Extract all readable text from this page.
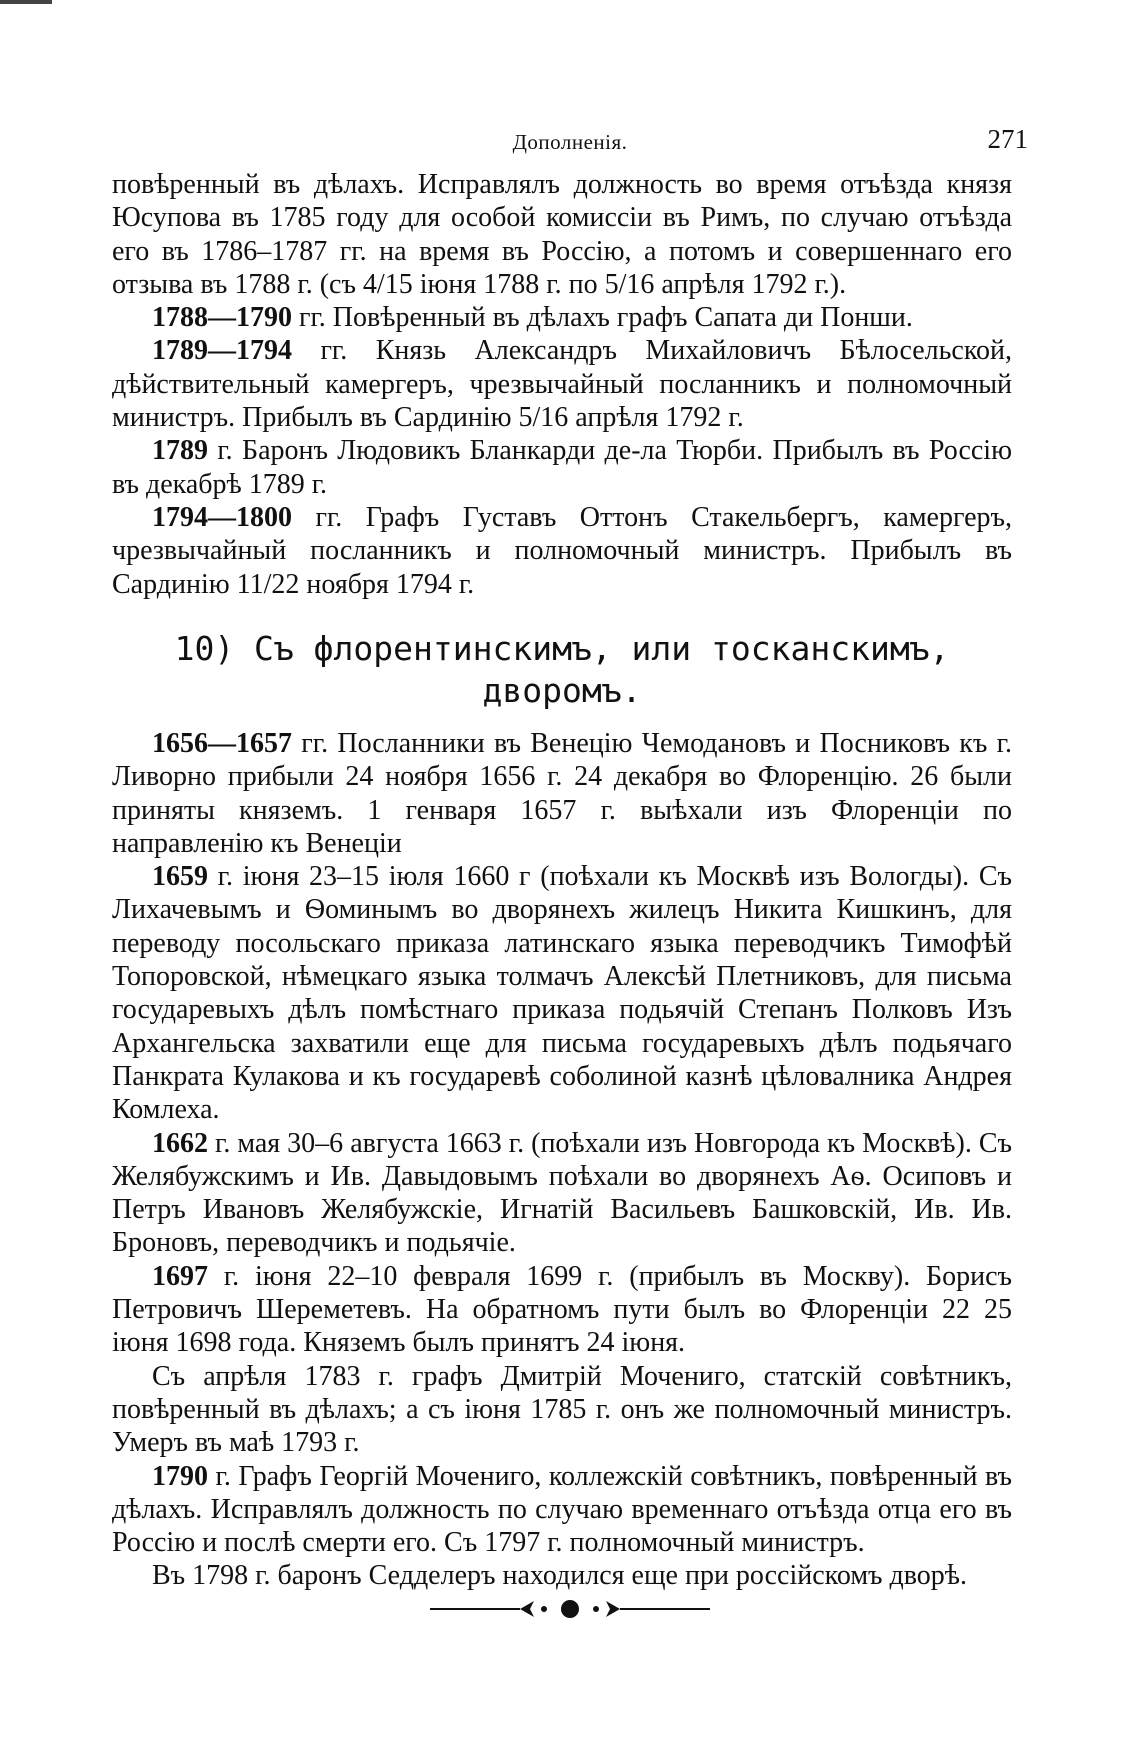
Дополненія.	271

повѣренный въ дѣлахъ. Исправлялъ должность во время отъѣзда князя Юсупова въ 1785 году для особой комиссіи въ Римъ, по случаю отъѣзда его въ 1786–1787 гг. на время въ Россію, а потомъ и совершеннаго его отзыва въ 1788 г. (съ 4/15 іюня 1788 г. по 5/16 апрѣля 1792 г.).

1788—1790 гг. Повѣренный въ дѣлахъ графъ Сапата ди Понши.

1789—1794 гг. Князь Александръ Михайловичъ Бѣлосельской, дѣйствительный камергеръ, чрезвычайный посланникъ и полномочный министръ. Прибылъ въ Сардинію 5/16 апрѣля 1792 г.

1789 г. Баронъ Людовикъ Бланкарди де-ла Тюрби. Прибылъ въ Россію въ декабрѣ 1789 г.

1794—1800 гг. Графъ Густавъ Оттонъ Стакельбергъ, камергеръ, чрезвычайный посланникъ и полномочный министръ. Прибылъ въ Сардинію 11/22 ноября 1794 г.

10) Съ флорентинскимъ, или тосканскимъ,
дворомъ.

1656—1657 гг. Посланники въ Венецію Чемодановъ и Посниковъ къ г. Ливорно прибыли 24 ноября 1656 г. 24 декабря во Флоренцію. 26 были приняты княземъ. 1 генваря 1657 г. выѣхали изъ Флоренціи по направленію къ Венеціи

1659 г. іюня 23–15 іюля 1660 г (поѣхали къ Москвѣ изъ Вологды). Съ Лихачевымъ и Ѳоминымъ во дворянехъ жилецъ Никита Кишкинъ, для переводу посольскаго приказа латинскаго языка переводчикъ Тимофѣй Топоровской, нѣмецкаго языка толмачъ Алексѣй Плетниковъ, для письма государевыхъ дѣлъ помѣстнаго приказа подьячій Степанъ Полковъ Изъ Архангельска захватили еще для письма государевыхъ дѣлъ подьячаго Панкрата Кулакова и къ государевѣ соболиной казнѣ цѣловалника Андрея Комлеха.

1662 г. мая 30–6 августа 1663 г. (поѣхали изъ Новгорода къ Москвѣ). Съ Желябужскимъ и Ив. Давыдовымъ поѣхали во дворянехъ Аѳ. Осиповъ и Петръ Ивановъ Желябужскіе, Игнатій Васильевъ Башковскій, Ив. Ив. Броновъ, переводчикъ и подьячіе.

1697 г. іюня 22–10 февраля 1699 г. (прибылъ въ Москву). Борисъ Петровичъ Шереметевъ. На обратномъ пути былъ во Флоренціи 22 25 іюня 1698 года. Княземъ былъ принятъ 24 іюня.

Съ апрѣля 1783 г. графъ Дмитрій Мочениго, статскій совѣтникъ, повѣренный въ дѣлахъ; а съ іюня 1785 г. онъ же полномочный министръ. Умеръ въ маѣ 1793 г.

1790 г. Графъ Георгій Мочениго, коллежскій совѣтникъ, повѣренный въ дѣлахъ. Исправлялъ должность по случаю временнаго отъѣзда отца его въ Россію и послѣ смерти его. Съ 1797 г. полномочный министръ.

Въ 1798 г. баронъ Седделеръ находился еще при россійскомъ дворѣ.
